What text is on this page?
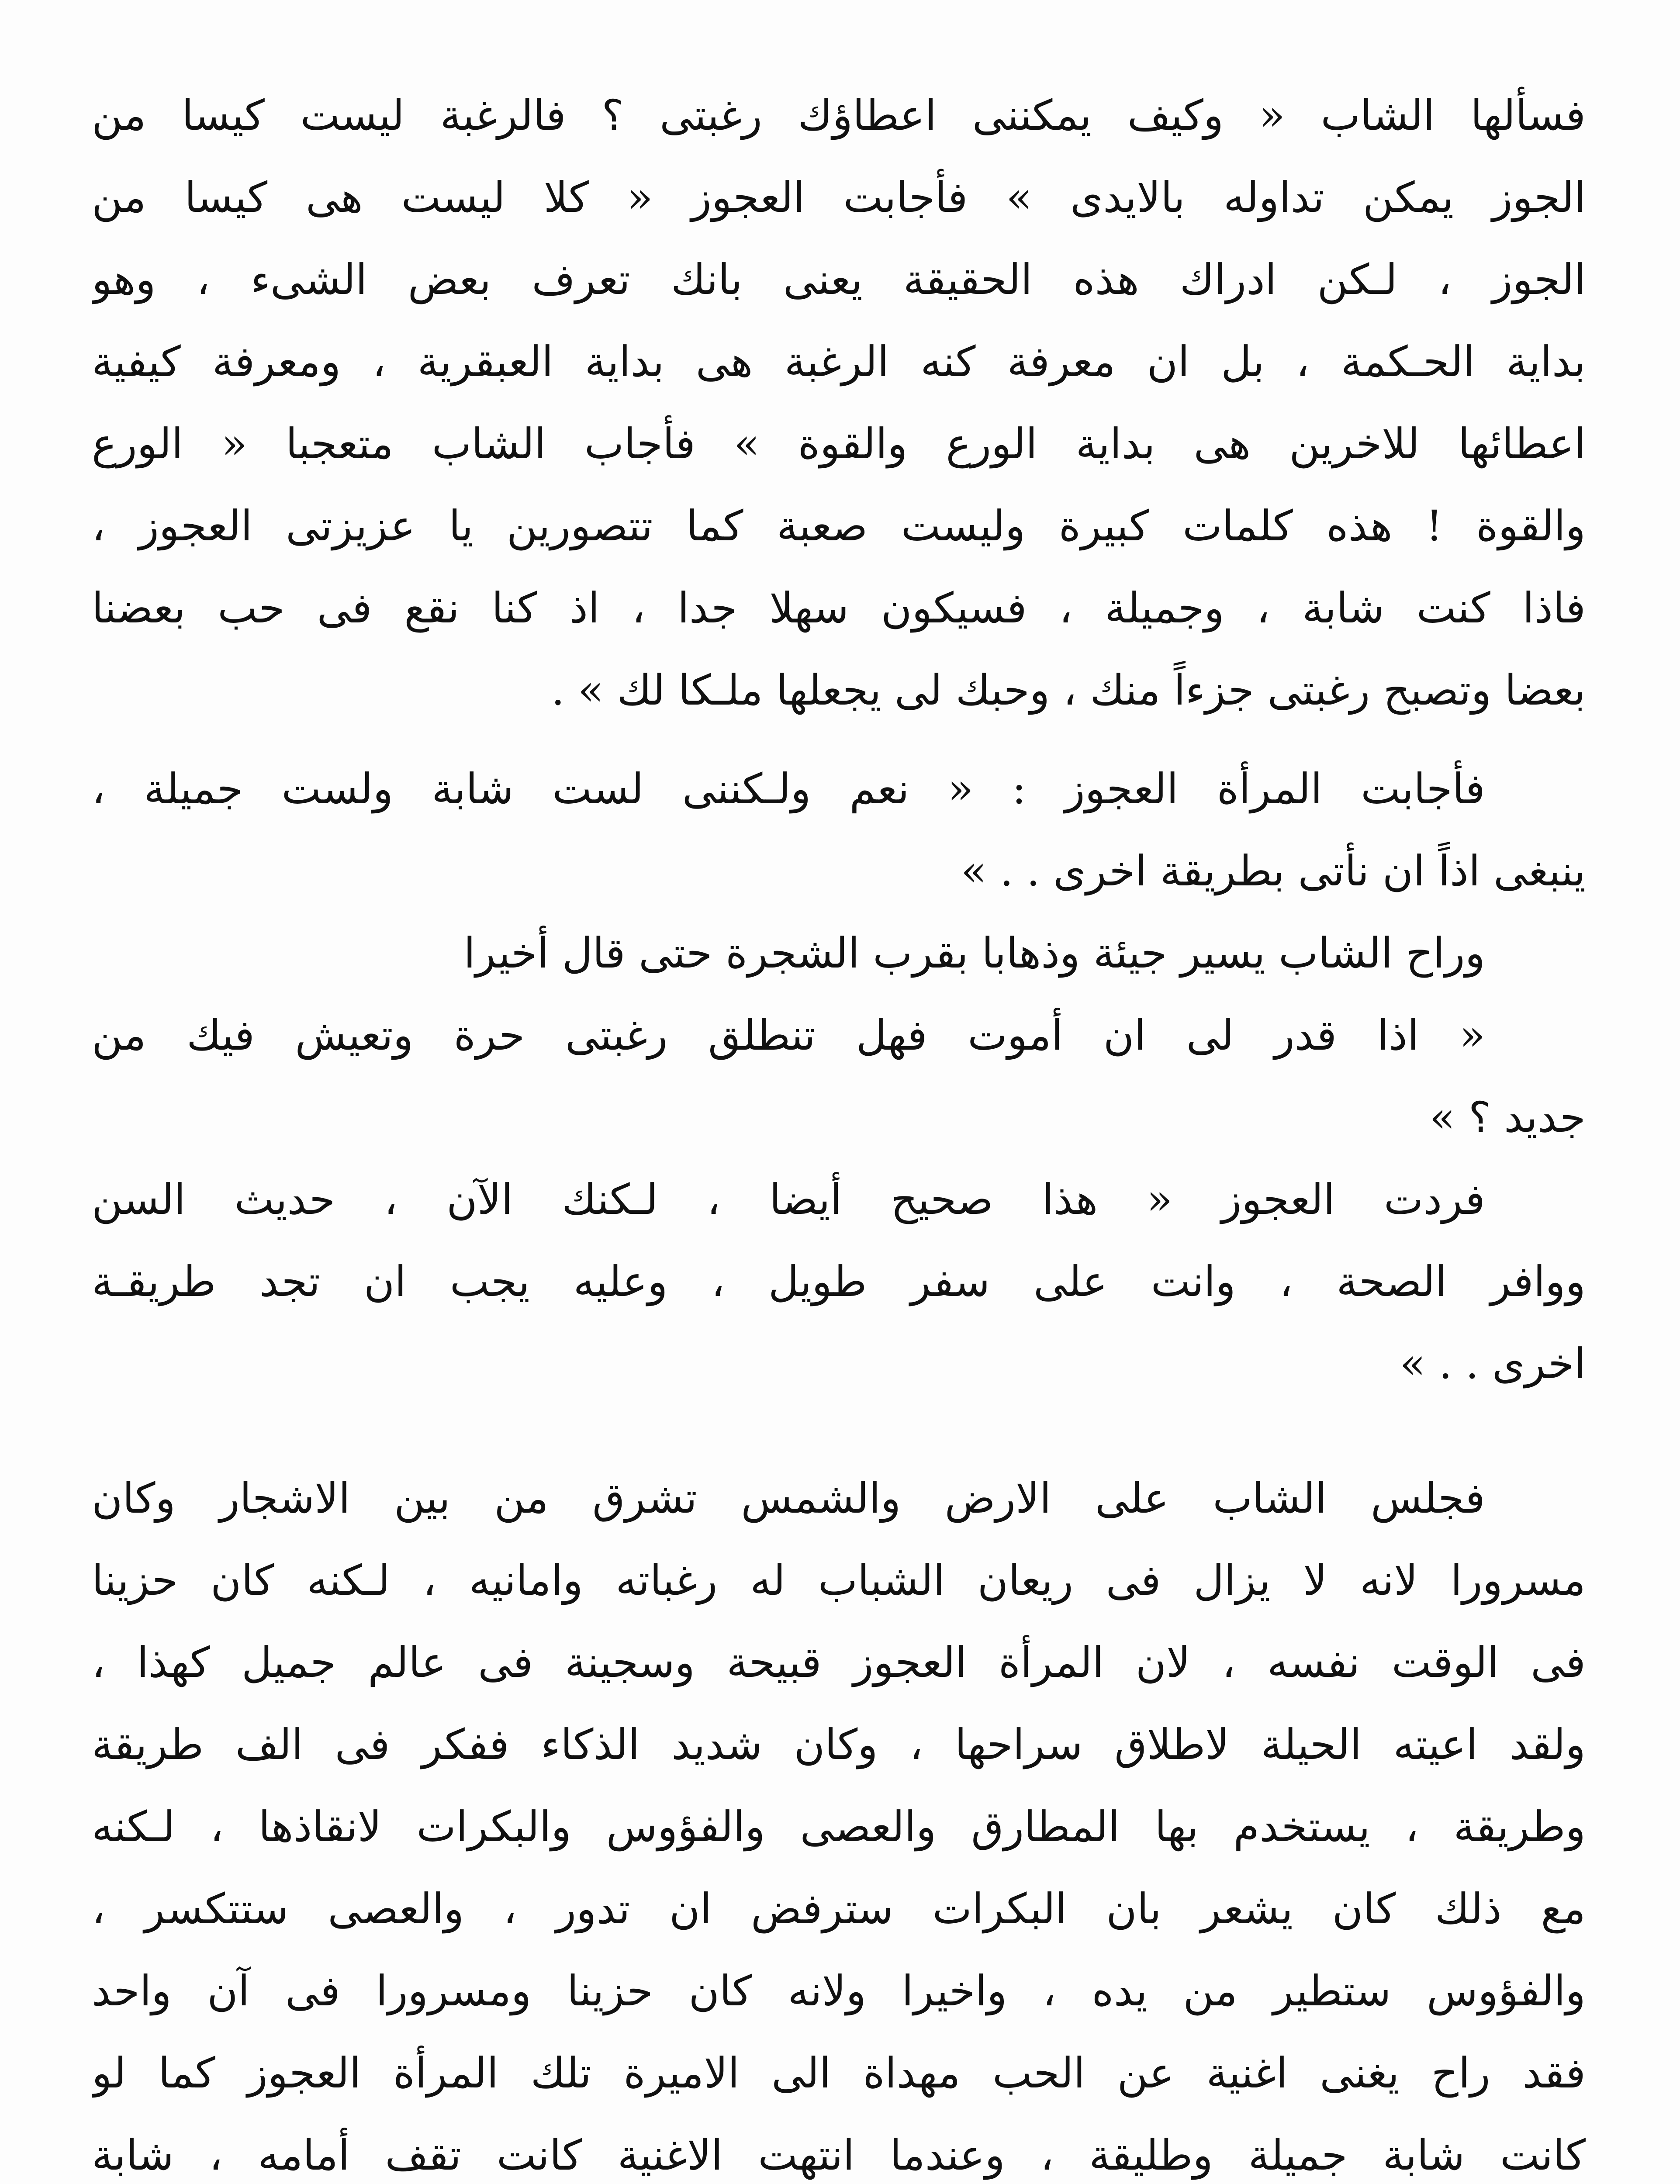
فسألها الشاب « وكيف يمكننى اعطاؤك رغبتى ؟ فالرغبة ليست كيسا من
الجوز يمكن تداوله بالايدى » فأجابت العجوز « كلا ليست هى كيسا من
الجوز ، لـكن ادراك هذه الحقيقة يعنى بانك تعرف بعض الشىء ، وهو
بداية الحـكمة ، بل ان معرفة كنه الرغبة هى بداية العبقرية ، ومعرفة كيفية
اعطائها للاخرين هى بداية الورع والقوة » فأجاب الشاب متعجبا « الورع
والقوة ! هذه كلمات كبيرة وليست صعبة كما تتصورين يا عزيزتى العجوز ،
فاذا كنت شابة ، وجميلة ، فسيكون سهلا جدا ، اذ كنا نقع فى حب بعضنا
بعضا وتصبح رغبتى جزءاً منك ، وحبك لى يجعلها ملـكا لك » .

فأجابت المرأة العجوز : « نعم ولـكننى لست شابة ولست جميلة ،
ينبغى اذاً ان نأتى بطريقة اخرى . . »

وراح الشاب يسير جيئة وذهابا بقرب الشجرة حتى قال أخيرا
« اذا قدر لى ان أموت فهل تنطلق رغبتى حرة وتعيش فيك من
جديد ؟ »

فردت العجوز « هذا صحيح أيضا ، لـكنك الآن ، حديث السن
ووافر الصحة ، وانت على سفر طويل ، وعليه يجب ان تجد طريقـة
اخرى . . »

فجلس الشاب على الارض والشمس تشرق من بين الاشجار وكان
مسرورا لانه لا يزال فى ريعان الشباب له رغباته وامانيه ، لـكنه كان حزينا
فى الوقت نفسه ، لان المرأة العجوز قبيحة وسجينة فى عالم جميل كهذا ،
ولقد اعيته الحيلة لاطلاق سراحها ، وكان شديد الذكاء ففكر فى الف طريقة
وطريقة ، يستخدم بها المطارق والعصى والفؤوس والبكرات لانقاذها ، لـكنه
مع ذلك كان يشعر بان البكرات سترفض ان تدور ، والعصى ستتكسر ،
والفؤوس ستطير من يده ، واخيرا ولانه كان حزينا ومسرورا فى آن واحد
فقد راح يغنى اغنية عن الحب مهداة الى الاميرة تلك المرأة العجوز كما لو
كانت شابة جميلة وطليقة ، وعندما انتهت الاغنية كانت تقف أمامه ، شابة
